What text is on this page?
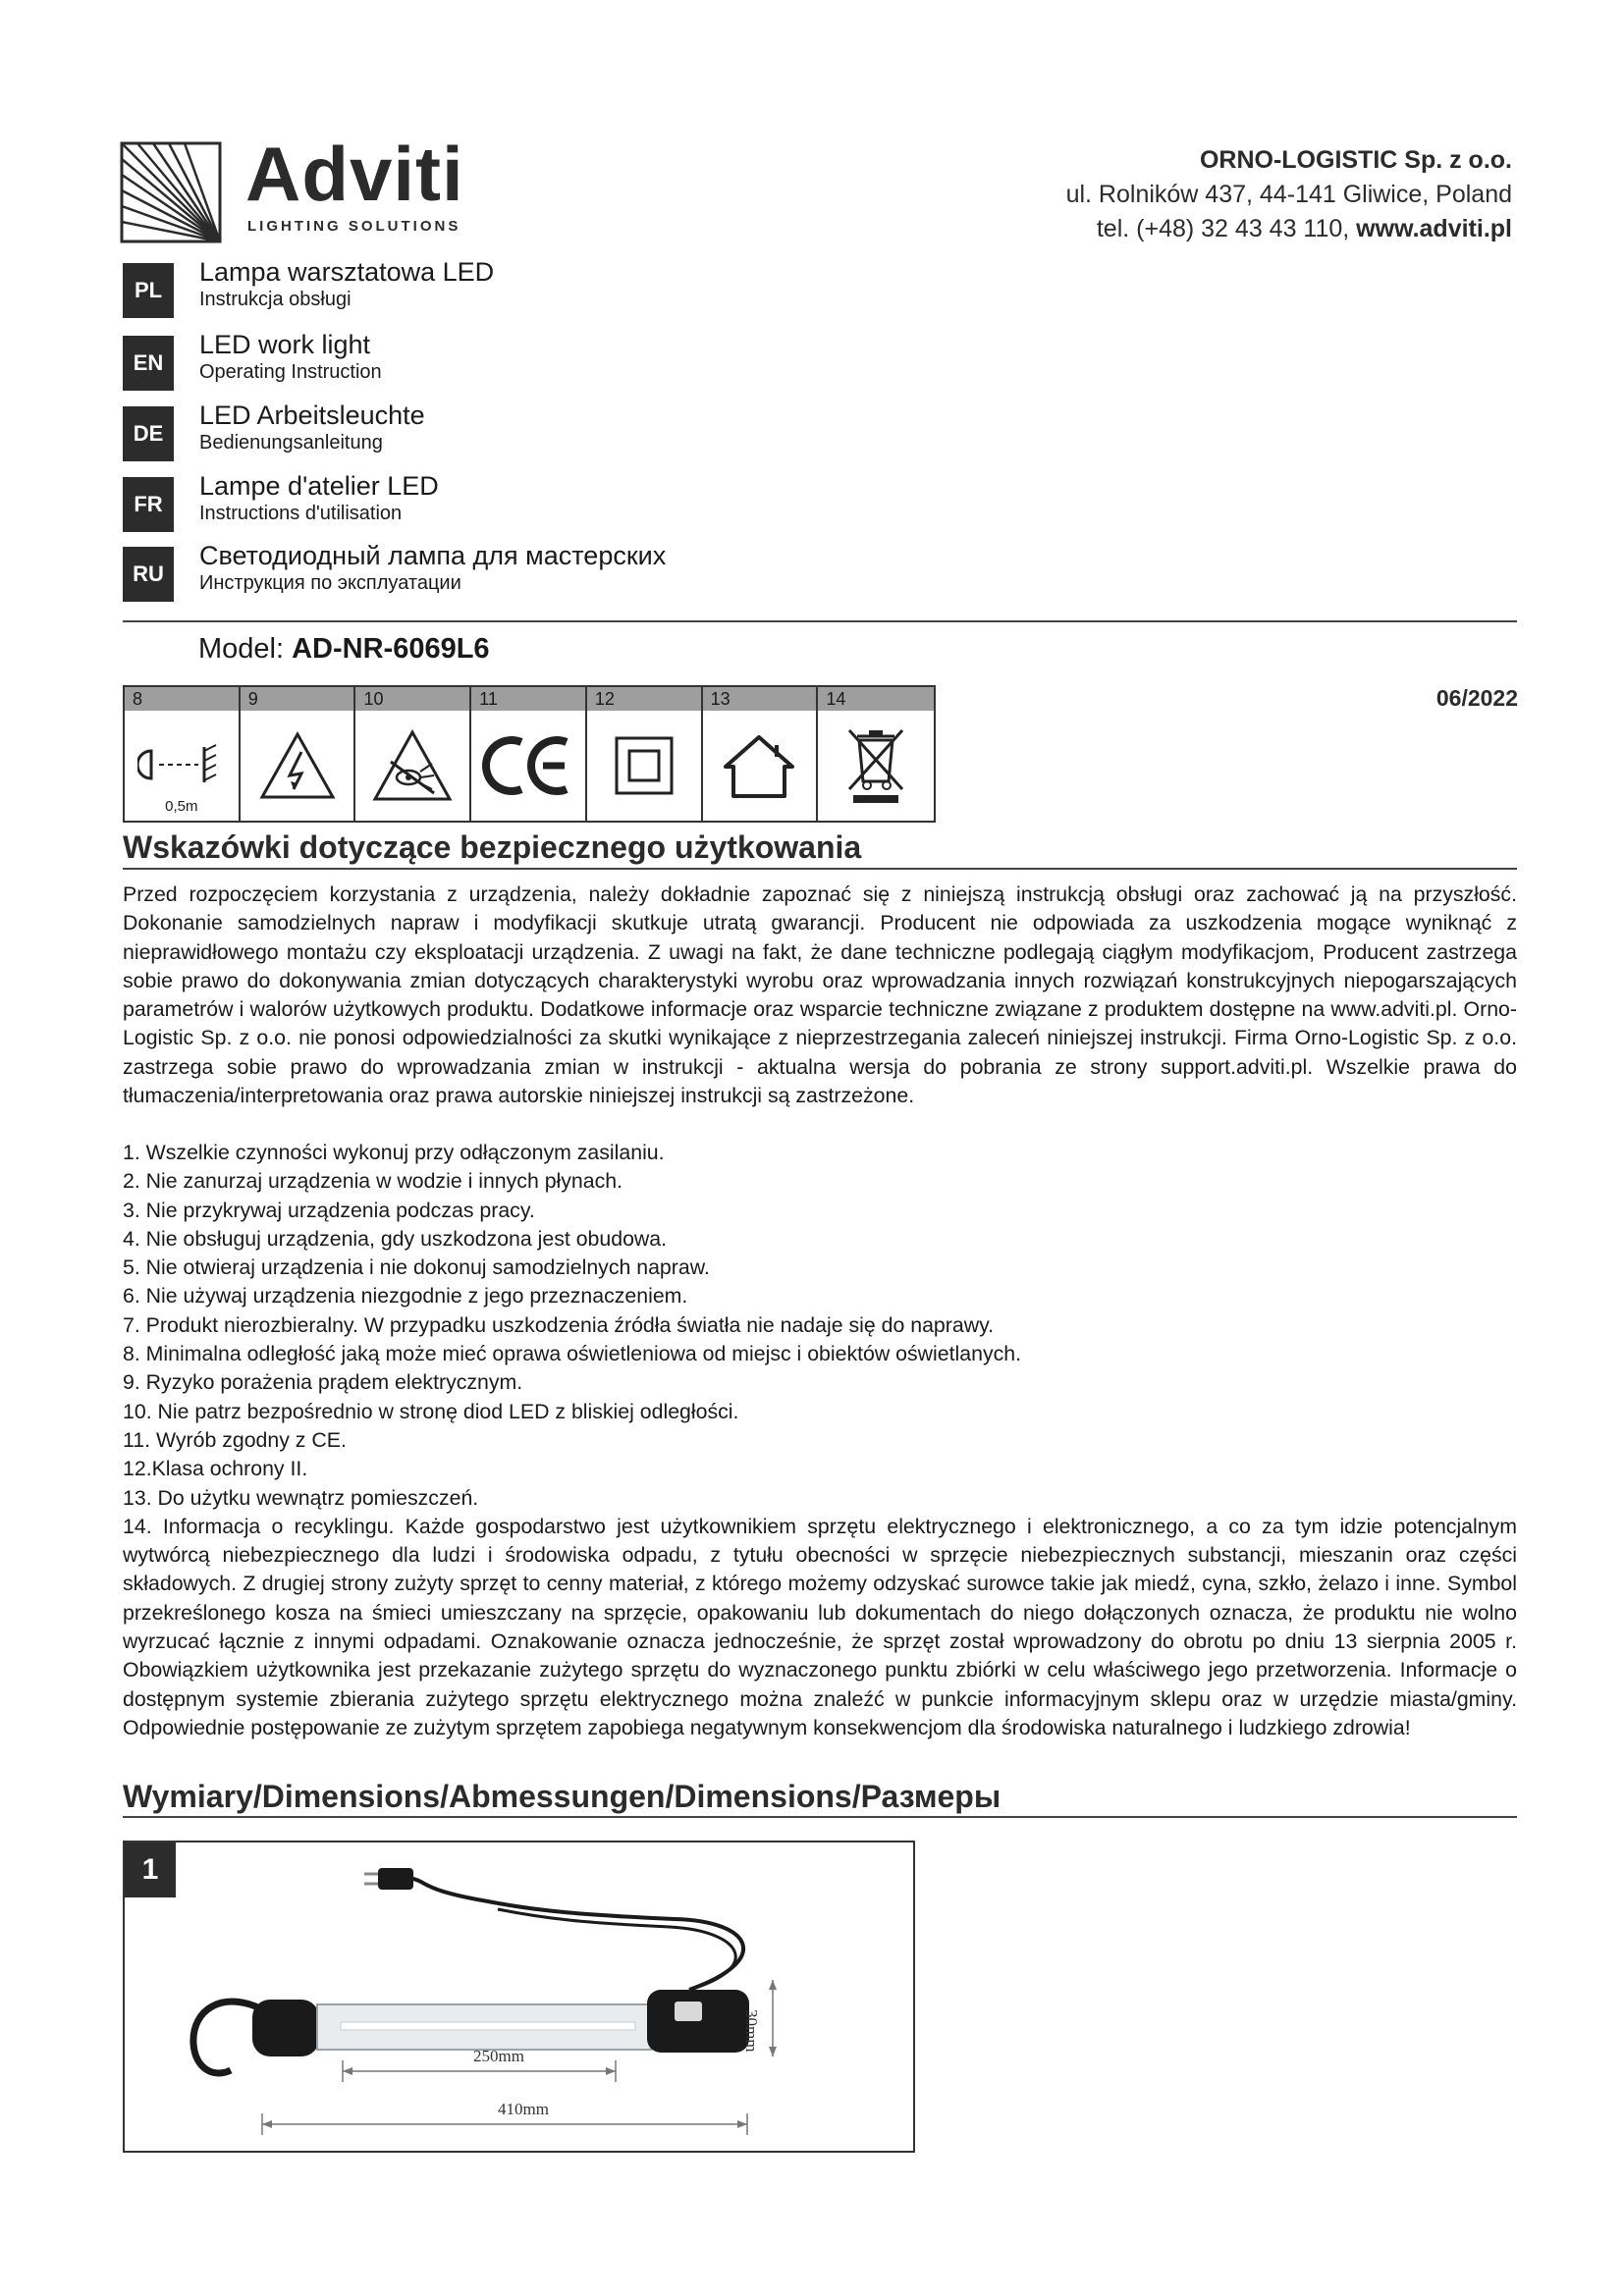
Adviti
LIGHTING SOLUTIONS
ORNO-LOGISTIC Sp. z o.o.
ul. Rolników 437, 44-141 Gliwice, Poland
tel. (+48) 32 43 43 110, www.adviti.pl
PL
Lampa warsztatowa LED
Instrukcja obsługi
EN
LED work light
Operating Instruction
DE
LED Arbeitsleuchte
Bedienungsanleitung
FR
Lampe d'atelier LED
Instructions d'utilisation
RU
Светодиодный лампа для мастерских
Инструкция по эксплуатации
Model: AD-NR-6069L6
06/2022
8
0,5m
9	10	11	12	13	14
Wskazówki dotyczące bezpiecznego użytkowania
Przed rozpoczęciem korzystania z urządzenia, należy dokładnie zapoznać się z niniejszą instrukcją obsługi oraz zachować ją na przyszłość. Dokonanie samodzielnych napraw i modyfikacji skutkuje utratą gwarancji. Producent nie odpowiada za uszkodzenia mogące wyniknąć z nieprawidłowego montażu czy eksploatacji urządzenia. Z uwagi na fakt, że dane techniczne podlegają ciągłym modyfikacjom, Producent zastrzega sobie prawo do dokonywania zmian dotyczących charakterystyki wyrobu oraz wprowadzania innych rozwiązań konstrukcyjnych niepogarszających parametrów i walorów użytkowych produktu. Dodatkowe informacje oraz wsparcie techniczne związane z produktem dostępne na www.adviti.pl. Orno-Logistic Sp. z o.o. nie ponosi odpowiedzialności za skutki wynikające z nieprzestrzegania zaleceń niniejszej instrukcji. Firma Orno-Logistic Sp. z o.o. zastrzega sobie prawo do wprowadzania zmian w instrukcji - aktualna wersja do pobrania ze strony support.adviti.pl. Wszelkie prawa do tłumaczenia/interpretowania oraz prawa autorskie niniejszej instrukcji są zastrzeżone.
1. Wszelkie czynności wykonuj przy odłączonym zasilaniu.
2. Nie zanurzaj urządzenia w wodzie i innych płynach.
3. Nie przykrywaj urządzenia podczas pracy.
4. Nie obsługuj urządzenia, gdy uszkodzona jest obudowa.
5. Nie otwieraj urządzenia i nie dokonuj samodzielnych napraw.
6. Nie używaj urządzenia niezgodnie z jego przeznaczeniem.
7. Produkt nierozbieralny. W przypadku uszkodzenia źródła światła nie nadaje się do naprawy.
8. Minimalna odległość jaką może mieć oprawa oświetleniowa od miejsc i obiektów oświetlanych.
9. Ryzyko porażenia prądem elektrycznym.
10. Nie patrz bezpośrednio w stronę diod LED z bliskiej odległości.
11. Wyrób zgodny z CE.
12.Klasa ochrony II.
13. Do użytku wewnątrz pomieszczeń.
14. Informacja o recyklingu. Każde gospodarstwo jest użytkownikiem sprzętu elektrycznego i elektronicznego, a co za tym idzie potencjalnym wytwórcą niebezpiecznego dla ludzi i środowiska odpadu, z tytułu obecności w sprzęcie niebezpiecznych substancji, mieszanin oraz części składowych. Z drugiej strony zużyty sprzęt to cenny materiał, z którego możemy odzyskać surowce takie jak miedź, cyna, szkło, żelazo i inne. Symbol przekreślonego kosza na śmieci umieszczany na sprzęcie, opakowaniu lub dokumentach do niego dołączonych oznacza, że produktu nie wolno wyrzucać łącznie z innymi odpadami. Oznakowanie oznacza jednocześnie, że sprzęt został wprowadzony do obrotu po dniu 13 sierpnia 2005 r. Obowiązkiem użytkownika jest przekazanie zużytego sprzętu do wyznaczonego punktu zbiórki w celu właściwego jego przetworzenia. Informacje o dostępnym systemie zbierania zużytego sprzętu elektrycznego można znaleźć w punkcie informacyjnym sklepu oraz w urzędzie miasta/gminy. Odpowiednie postępowanie ze zużytym sprzętem zapobiega negatywnym konsekwencjom dla środowiska naturalnego i ludzkiego zdrowia!
Wymiary/Dimensions/Abmessungen/Dimensions/Размеры
1
250mm
410mm
30mm
